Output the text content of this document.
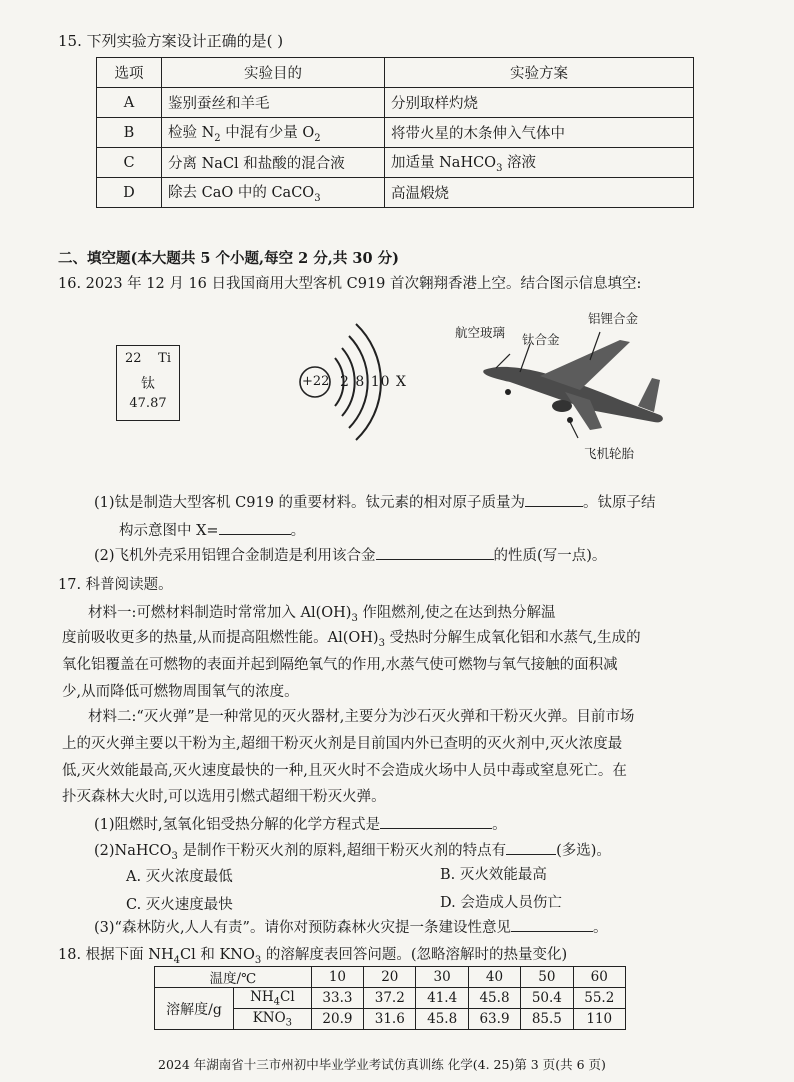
15. 下列实验方案设计正确的是( )
选项	实验目的	实验方案
A	鉴别蚕丝和羊毛	分别取样灼烧
B	检验 $N_2$ 中混有少量 $O_2$	将带火星的木条伸入气体中
C	分离 NaCl 和盐酸的混合液	加适量 NaHCO$_3$ 溶液
D	除去 CaO 中的 CaCO$_3$	高温煅烧
二、填空题(本大题共 5 个小题,每空 2 分,共 30 分)
16. 2023 年 12 月 16 日我国商用大型客机 C919 首次翱翔香港上空。结合图示信息填空:
22 Ti
钛
47.87
+22 2 8 10 X
航空玻璃 钛合金
铝锂合金
飞机轮胎
(1)钛是制造大型客机 C919 的重要材料。钛元素的相对原子质量为	。钛原子结
构示意图中 X=	。
(2)飞机外壳采用铝锂合金制造是利用该合金	的性质(写一点)。
17. 科普阅读题。
材料一:可燃材料制造时常常加入 $Al(OH)_3$ 作阻燃剂,使之在达到热分解温
度前吸收更多的热量,从而提高阻燃性能。$Al(OH)_3$ 受热时分解生成氧化铝和水蒸气,生成的
氧化铝覆盖在可燃物的表面并起到隔绝氧气的作用,水蒸气使可燃物与氧气接触的面积减
少,从而降低可燃物周围氧气的浓度。
材料二:“灭火弹”是一种常见的灭火器材,主要分为沙石灭火弹和干粉灭火弹。目前市场
上的灭火弹主要以干粉为主,超细干粉灭火剂是目前国内外已查明的灭火剂中,灭火浓度最
低,灭火效能最高,灭火速度最快的一种,且灭火时不会造成火场中人员中毒或窒息死亡。在
扑灭森林大火时,可以选用引燃式超细干粉灭火弹。
(1)阻燃时,氢氧化铝受热分解的化学方程式是	。
(2)NaHCO$_3$ 是制作干粉灭火剂的原料,超细干粉灭火剂的特点有	(多选)。
A. 灭火浓度最低	B. 灭火效能最高
C. 灭火速度最快	D. 会造成人员伤亡
(3)“森林防火,人人有责”。请你对预防森林火灾提一条建设性意见	。
18. 根据下面 $NH_4Cl$ 和 $KNO_3$ 的溶解度表回答问题。(忽略溶解时的热量变化)
温度/℃		10	20	30	40	50	60
溶解度/g	$NH_4Cl$	33.3	37.2	41.4	45.8	50.4	55.2
	$KNO_3$	20.9	31.6	45.8	63.9	85.5	110
2024 年湖南省十三市州初中毕业学业考试仿真训练 化学(4. 25)第 3 页(共 6 页)
